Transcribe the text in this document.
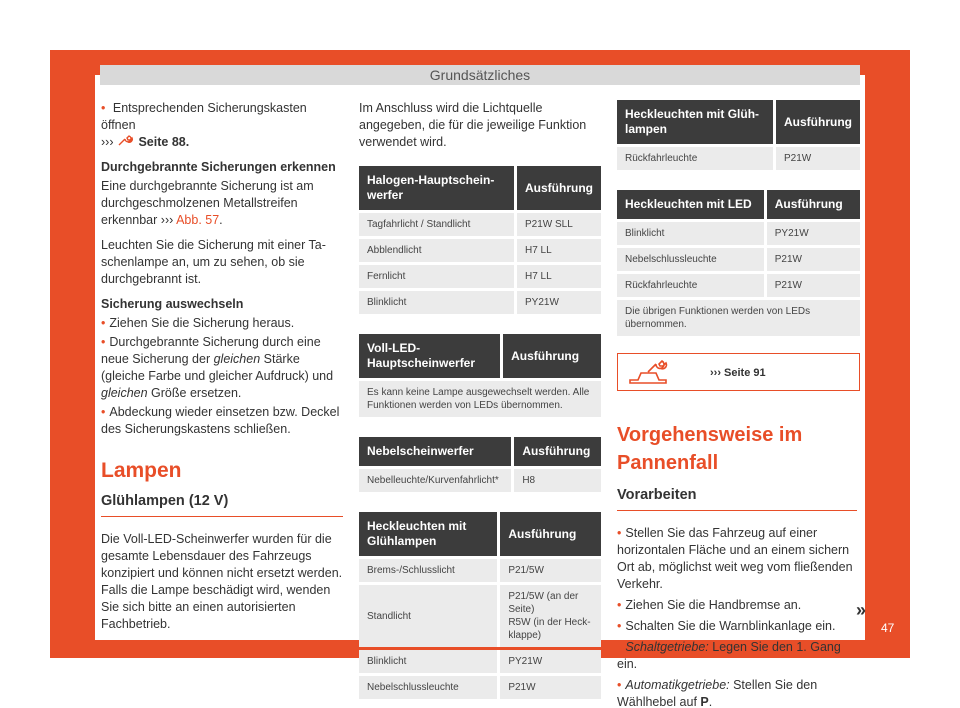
Grundsätzliches

• Entsprechenden Sicherungskasten öffnen
››› Seite 88.

Durchgebrannte Sicherungen erkennen
Eine durchgebrannte Sicherung ist am durchgeschmolzenen Metallstreifen erkennbar ››› Abb. 57.

Leuchten Sie die Sicherung mit einer Taschenlampe an, um zu sehen, ob sie durchgebrannt ist.

Sicherung auswechseln

• Ziehen Sie die Sicherung heraus.

• Durchgebrannte Sicherung durch eine neue Sicherung der gleichen Stärke (gleiche Farbe und gleicher Aufdruck) und gleichen Größe ersetzen.

• Abdeckung wieder einsetzen bzw. Deckel des Sicherungskastens schließen.

Lampen
Glühlampen (12 V)

Die Voll-LED-Scheinwerfer wurden für die gesamte Lebensdauer des Fahrzeugs konzipiert und können nicht ersetzt werden. Falls die Lampe beschädigt wird, wenden Sie sich bitte an einen autorisierten Fachbetrieb.

Im Anschluss wird die Lichtquelle angegeben, die für die jeweilige Funktion verwendet wird.

Halogen-Hauptscheinwerfer	Ausführung
Tagfahrlicht / Standlicht	P21W SLL
Abblendlicht	H7 LL
Fernlicht	H7 LL
Blinklicht	PY21W
Voll-LED-Hauptscheinwerfer	Ausführung
Es kann keine Lampe ausgewechselt werden. Alle Funktionen werden von LEDs übernommen.
Nebelscheinwerfer	Ausführung
Nebelleuchte/Kurvenfahrlicht*	H8
Heckleuchten mit Glühlampen	Ausführung
Brems-/Schlusslicht	P21/5W
Standlicht	P21/5W (an der Seite)
R5W (in der Heckklappe)
Blinklicht	PY21W
Nebelschlussleuchte	P21W
Heckleuchten mit Glühlampen	Ausführung
Rückfahrleuchte	P21W
Heckleuchten mit LED	Ausführung
Blinklicht	PY21W
Nebelschlussleuchte	P21W
Rückfahrleuchte	P21W
Die übrigen Funktionen werden von LEDs übernommen.	
››› Seite 91
Vorgehensweise im Pannenfall
Vorarbeiten

• Stellen Sie das Fahrzeug auf einer horizontalen Fläche und an einem sichern Ort ab, möglichst weit weg vom fließenden Verkehr.

• Ziehen Sie die Handbremse an.

• Schalten Sie die Warnblinkanlage ein.

• Schaltgetriebe: Legen Sie den 1. Gang ein.

• Automatikgetriebe: Stellen Sie den Wählhebel auf P.

»
47
